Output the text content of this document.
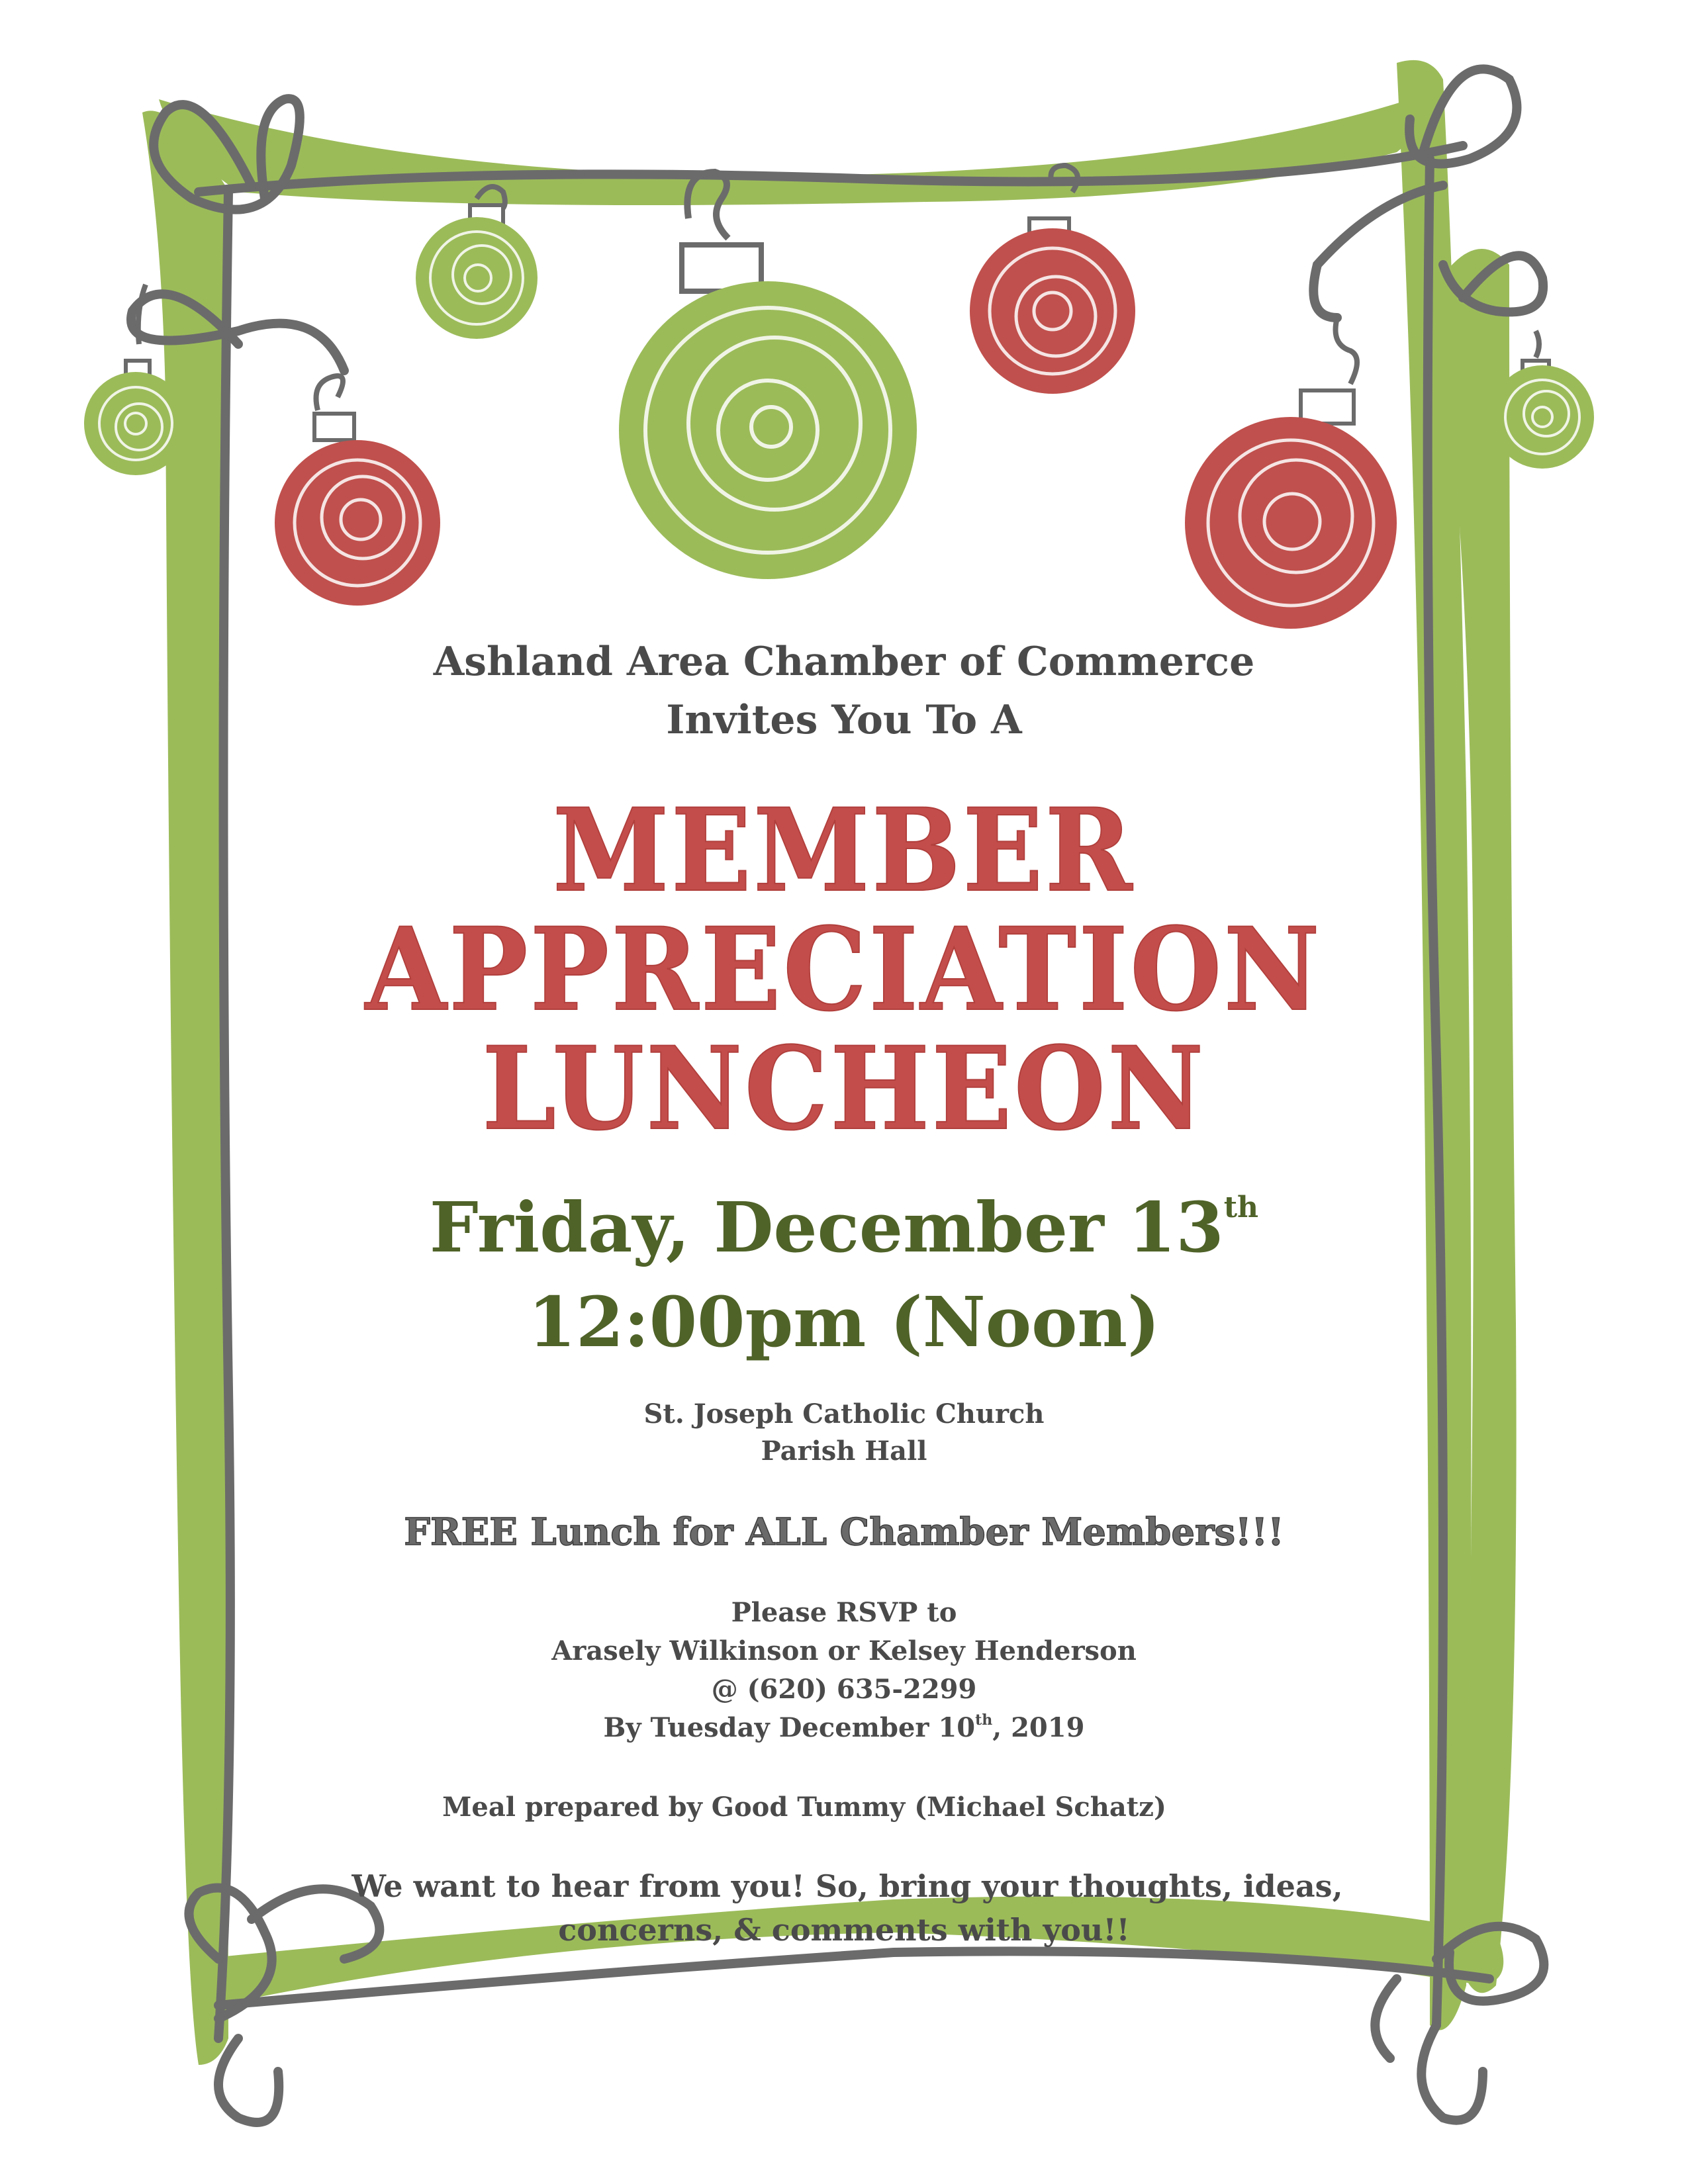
Ashland Area Chamber of Commerce
Invites You To A
MEMBER
APPRECIATION
LUNCHEON
Friday, December 13th
12:00pm (Noon)
St. Joseph Catholic Church
Parish Hall
FREE Lunch for ALL Chamber Members!!!
Please RSVP to
Arasely Wilkinson or Kelsey Henderson
@ (620) 635-2299
By Tuesday December 10th, 2019
Meal prepared by Good Tummy (Michael Schatz)
We want to hear from you! So, bring your thoughts, ideas,
concerns, & comments with you!!
